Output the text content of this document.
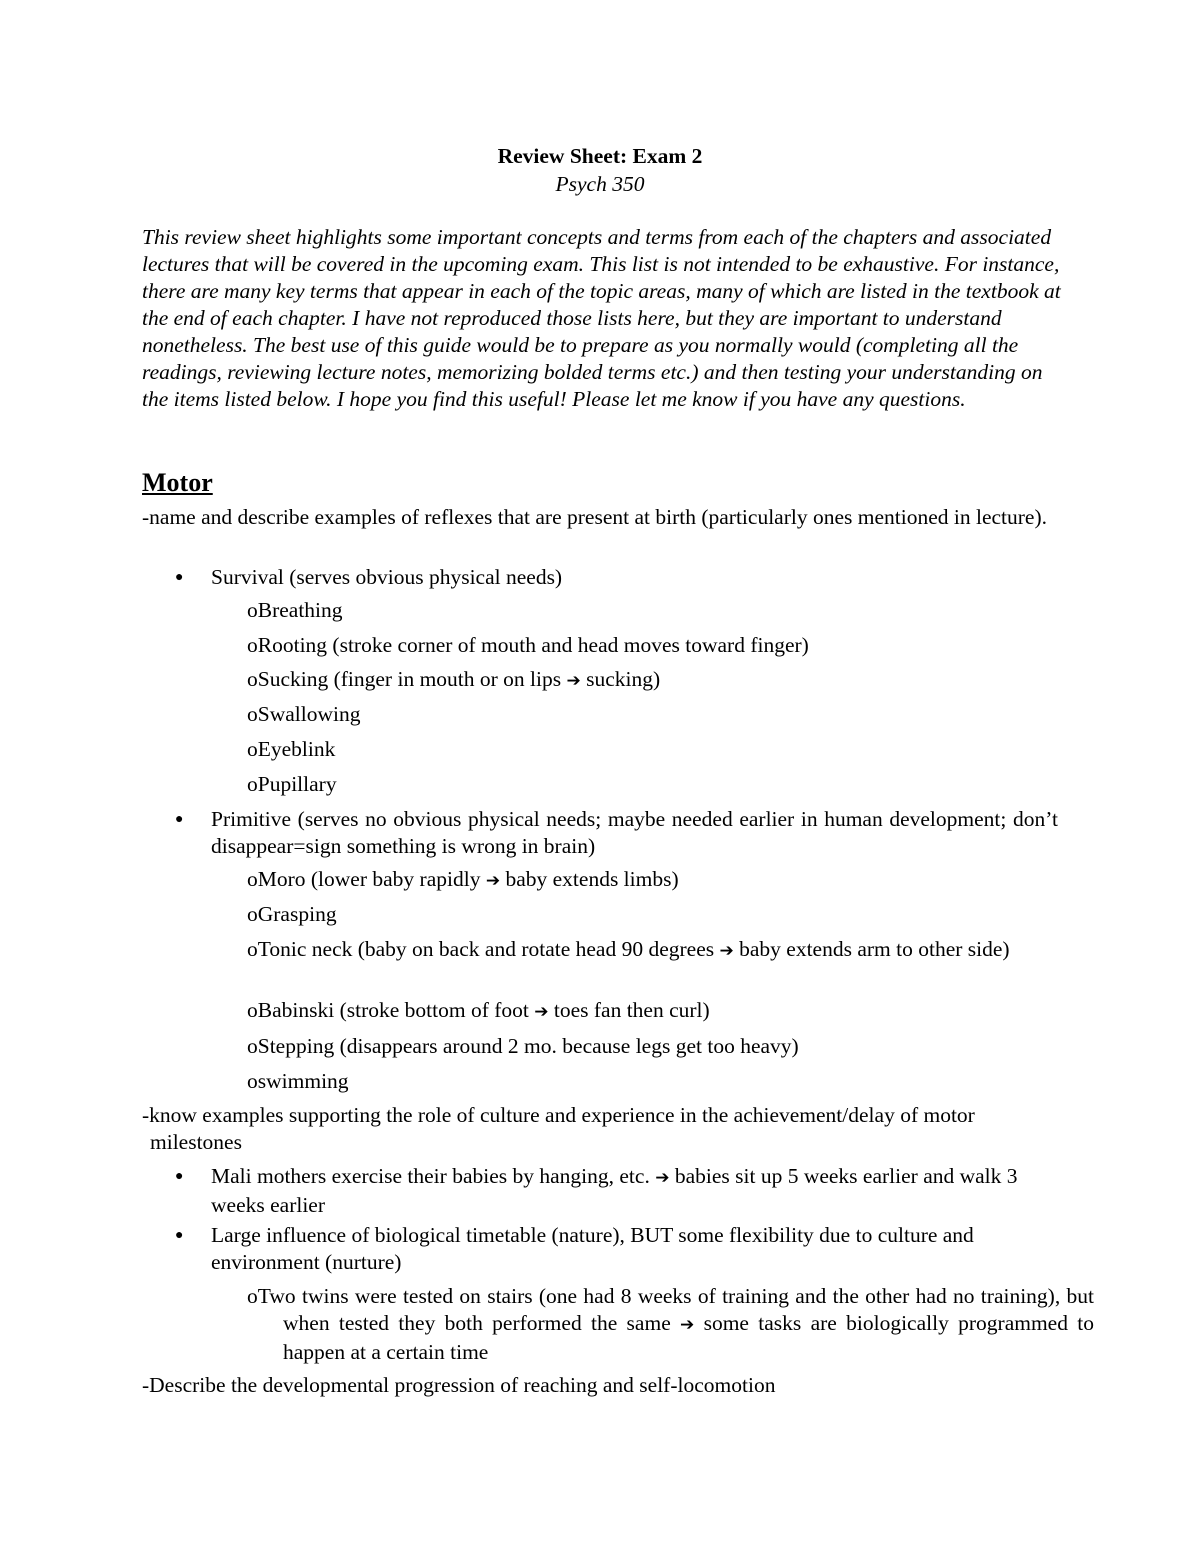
Review Sheet: Exam 2
Psych 350

This review sheet highlights some important concepts and terms from each of the chapters and associated lectures that will be covered in the upcoming exam. This list is not intended to be exhaustive. For instance, there are many key terms that appear in each of the topic areas, many of which are listed in the textbook at the end of each chapter. I have not reproduced those lists here, but they are important to understand nonetheless. The best use of this guide would be to prepare as you normally would (completing all the readings, reviewing lecture notes, memorizing bolded terms etc.) and then testing your understanding on the items listed below. I hope you find this useful! Please let me know if you have any questions.

Motor

-name and describe examples of reflexes that are present at birth (particularly ones mentioned in lecture).

● Survival (serves obvious physical needs)
oBreathing
oRooting (stroke corner of mouth and head moves toward finger)
oSucking (finger in mouth or on lips ➔ sucking)
oSwallowing
oEyeblink
oPupillary
● Primitive (serves no obvious physical needs; maybe needed earlier in human development; don’t disappear=sign something is wrong in brain)

oMoro (lower baby rapidly ➔ baby extends limbs)
oGrasping

oTonic neck (baby on back and rotate head 90 degrees ➔ baby extends arm to other side)

oBabinski (stroke bottom of foot ➔ toes fan then curl)
oStepping (disappears around 2 mo. because legs get too heavy)
oswimming

-know examples supporting the role of culture and experience in the achievement/delay of motor milestones

● Mali mothers exercise their babies by hanging, etc. ➔ babies sit up 5 weeks earlier and walk 3 weeks earlier

● Large influence of biological timetable (nature), BUT some flexibility due to culture and environment (nurture)

oTwo twins were tested on stairs (one had 8 weeks of training and the other had no training), but when tested they both performed the same ➔ some tasks are biologically programmed to happen at a certain time

-Describe the developmental progression of reaching and self-locomotion
